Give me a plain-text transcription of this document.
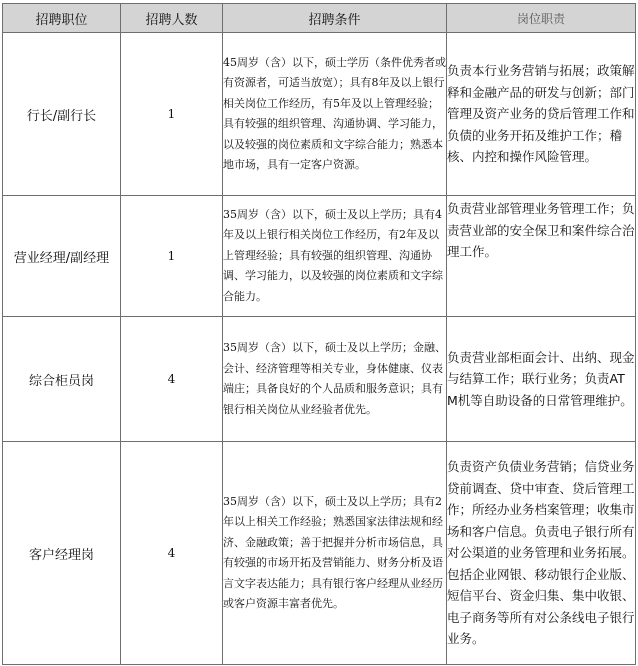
招聘职位	招聘人数	招聘条件	岗位职责
行长/副行长	1	45周岁（含）以下，硕士学历（条件优秀者或有资源者，可适当放宽）；具有8年及以上银行相关岗位工作经历，有5年及以上管理经验；具有较强的组织管理、沟通协调、学习能力，以及较强的岗位素质和文字综合能力；熟悉本地市场，具有一定客户资源。	负责本行业务营销与拓展；政策解释和金融产品的研发与创新；部门管理及资产业务的贷后管理工作和负债的业务开拓及维护工作；稽核、内控和操作风险管理。
营业经理/副经理	1	35周岁（含）以下，硕士及以上学历；具有4年及以上银行相关岗位工作经历，有2年及以上管理经验；具有较强的组织管理、沟通协调、学习能力，以及较强的岗位素质和文字综合能力。	负责营业部管理业务管理工作；负责营业部的安全保卫和案件综合治理工作。
综合柜员岗	4	35周岁（含）以下，硕士及以上学历；金融、会计、经济管理等相关专业，身体健康、仪表端庄；具备良好的个人品质和服务意识；具有银行相关岗位从业经验者优先。	负责营业部柜面会计、出纳、现金与结算工作；联行业务；负责ATM机等自助设备的日常管理维护。
客户经理岗	4	35周岁（含）以下，硕士及以上学历；具有2年以上相关工作经验；熟悉国家法律法规和经济、金融政策；善于把握并分析市场信息，具有较强的市场开拓及营销能力、财务分析及语言文字表达能力；具有银行客户经理从业经历或客户资源丰富者优先。	负责资产负债业务营销；信贷业务贷前调查、贷中审查、贷后管理工作；所经办业务档案管理；收集市场和客户信息。负责电子银行所有对公渠道的业务管理和业务拓展。包括企业网银、移动银行企业版、短信平台、资金归集、集中收银、电子商务等所有对公条线电子银行业务。
